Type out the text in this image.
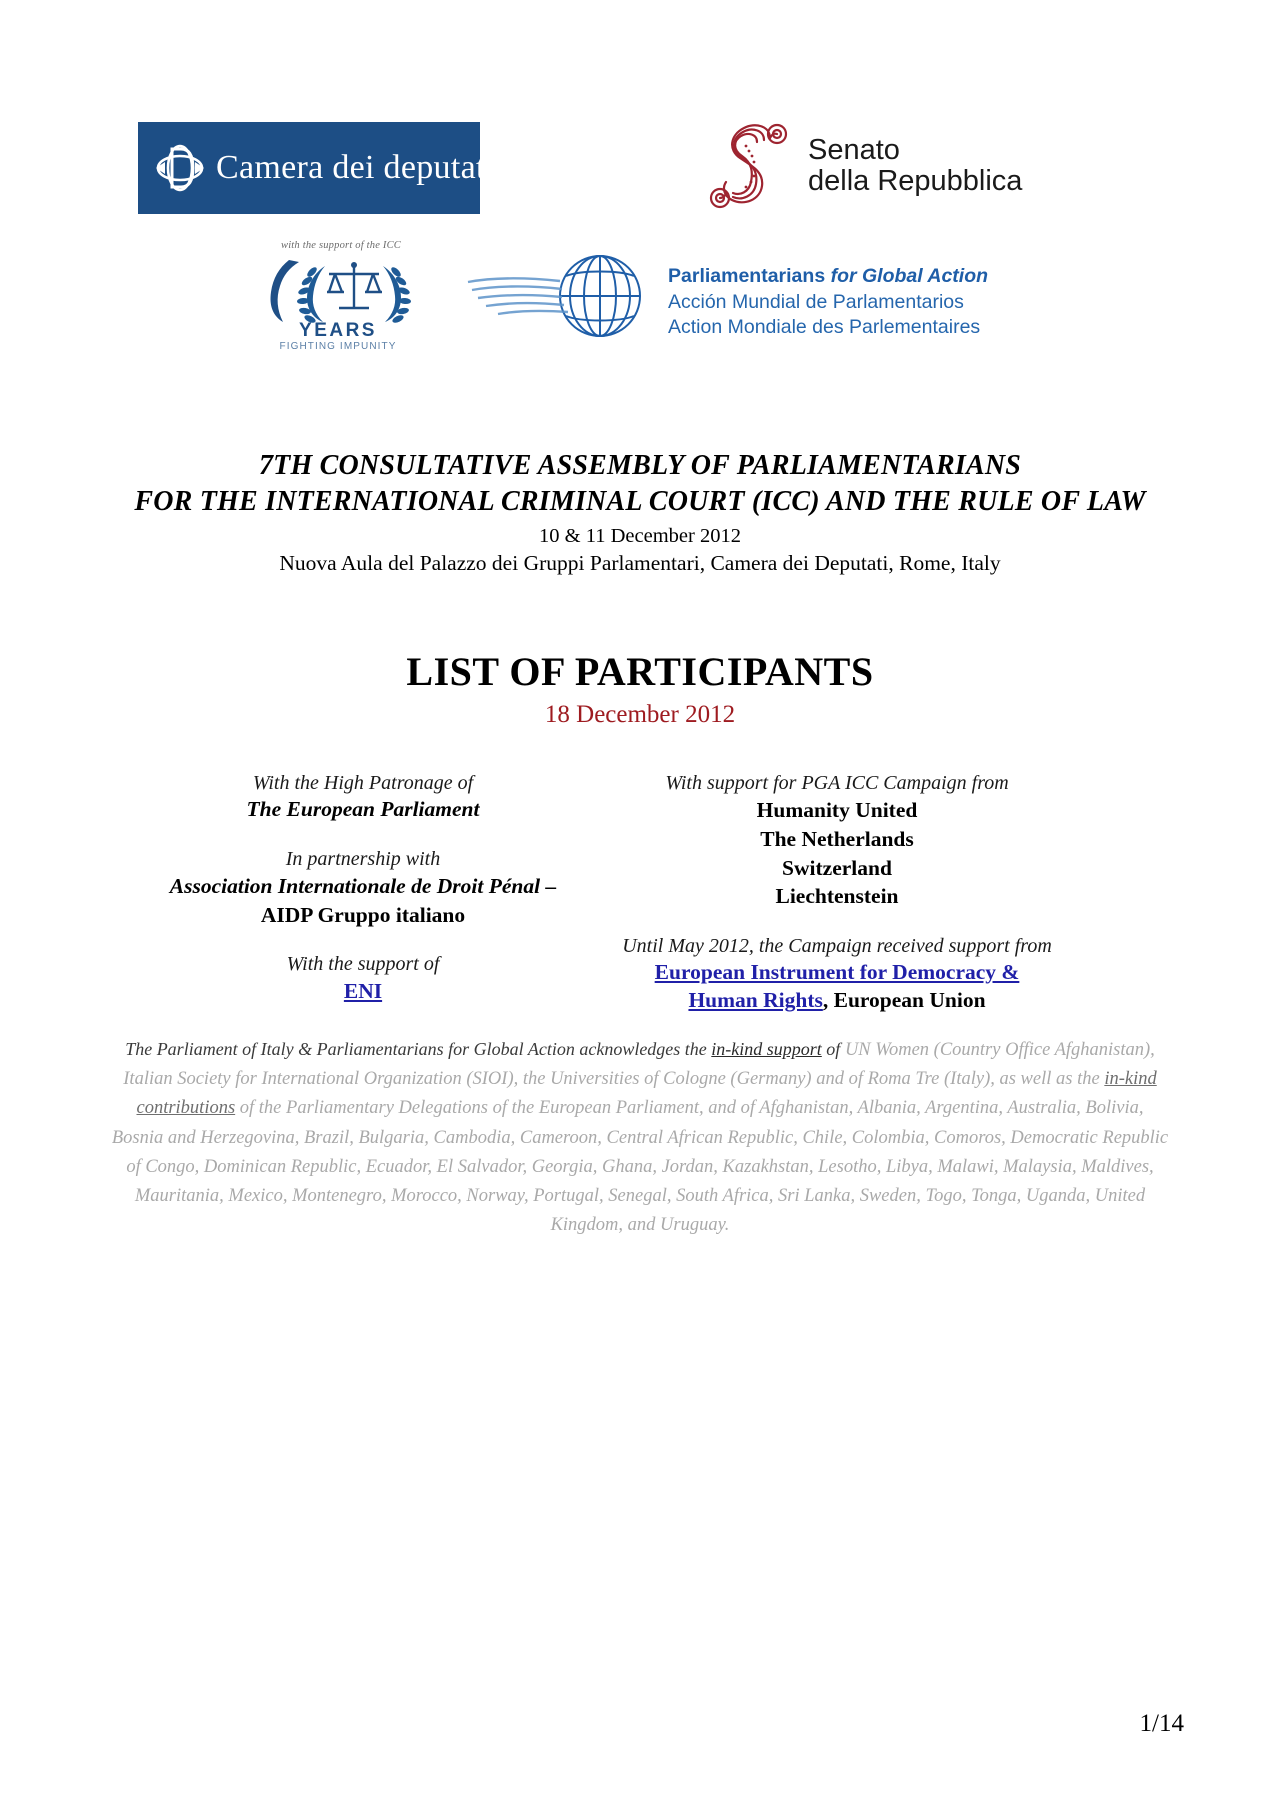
Camera dei deputati	Senato
della Repubblica
with the support of the ICC
YEARS
FIGHTING IMPUNITY
Parliamentarians for Global Action
Acción Mundial de Parlamentarios
Action Mondiale des Parlementaires
7TH CONSULTATIVE ASSEMBLY OF PARLIAMENTARIANS
FOR THE INTERNATIONAL CRIMINAL COURT (ICC) AND THE RULE OF LAW
10 & 11 December 2012
Nuova Aula del Palazzo dei Gruppi Parlamentari, Camera dei Deputati, Rome, Italy
LIST OF PARTICIPANTS
18 December 2012
With the High Patronage of
The European Parliament
In partnership with
Association Internationale de Droit Pénal –
AIDP Gruppo italiano
With the support of
ENI
With support for PGA ICC Campaign from
Humanity United
The Netherlands
Switzerland
Liechtenstein
Until May 2012, the Campaign received support from
European Instrument for Democracy &
Human Rights, European Union
The Parliament of Italy & Parliamentarians for Global Action acknowledges the in-kind support of UN Women (Country Office Afghanistan), Italian Society for International Organization (SIOI), the Universities of Cologne (Germany) and of Roma Tre (Italy), as well as the in-kind contributions of the Parliamentary Delegations of the European Parliament, and of Afghanistan, Albania, Argentina, Australia, Bolivia, Bosnia and Herzegovina, Brazil, Bulgaria, Cambodia, Cameroon, Central African Republic, Chile, Colombia, Comoros, Democratic Republic of Congo, Dominican Republic, Ecuador, El Salvador, Georgia, Ghana, Jordan, Kazakhstan, Lesotho, Libya, Malawi, Malaysia, Maldives, Mauritania, Mexico, Montenegro, Morocco, Norway, Portugal, Senegal, South Africa, Sri Lanka, Sweden, Togo, Tonga, Uganda, United Kingdom, and Uruguay.
1/14
